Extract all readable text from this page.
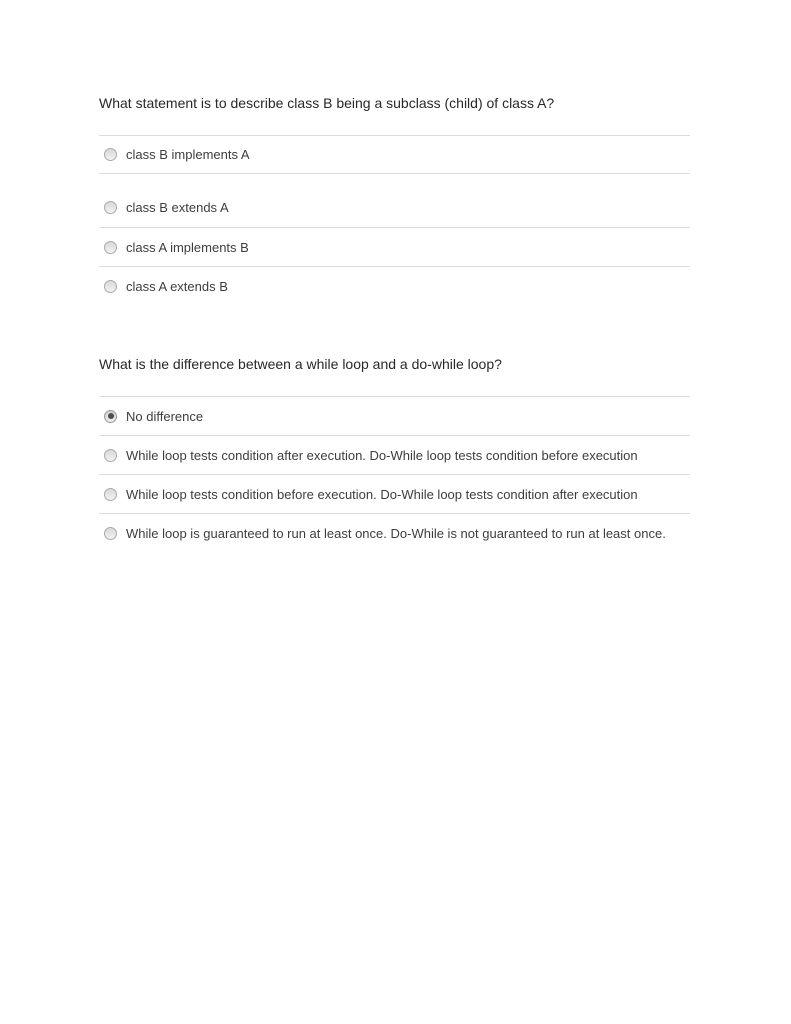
What statement is to describe class B being a subclass (child) of class A?
class B implements A
class B extends A
class A implements B
class A extends B
What is the difference between a while loop and a do-while loop?
No difference
While loop tests condition after execution. Do-While loop tests condition before execution
While loop tests condition before execution. Do-While loop tests condition after execution
While loop is guaranteed to run at least once. Do-While is not guaranteed to run at least once.
